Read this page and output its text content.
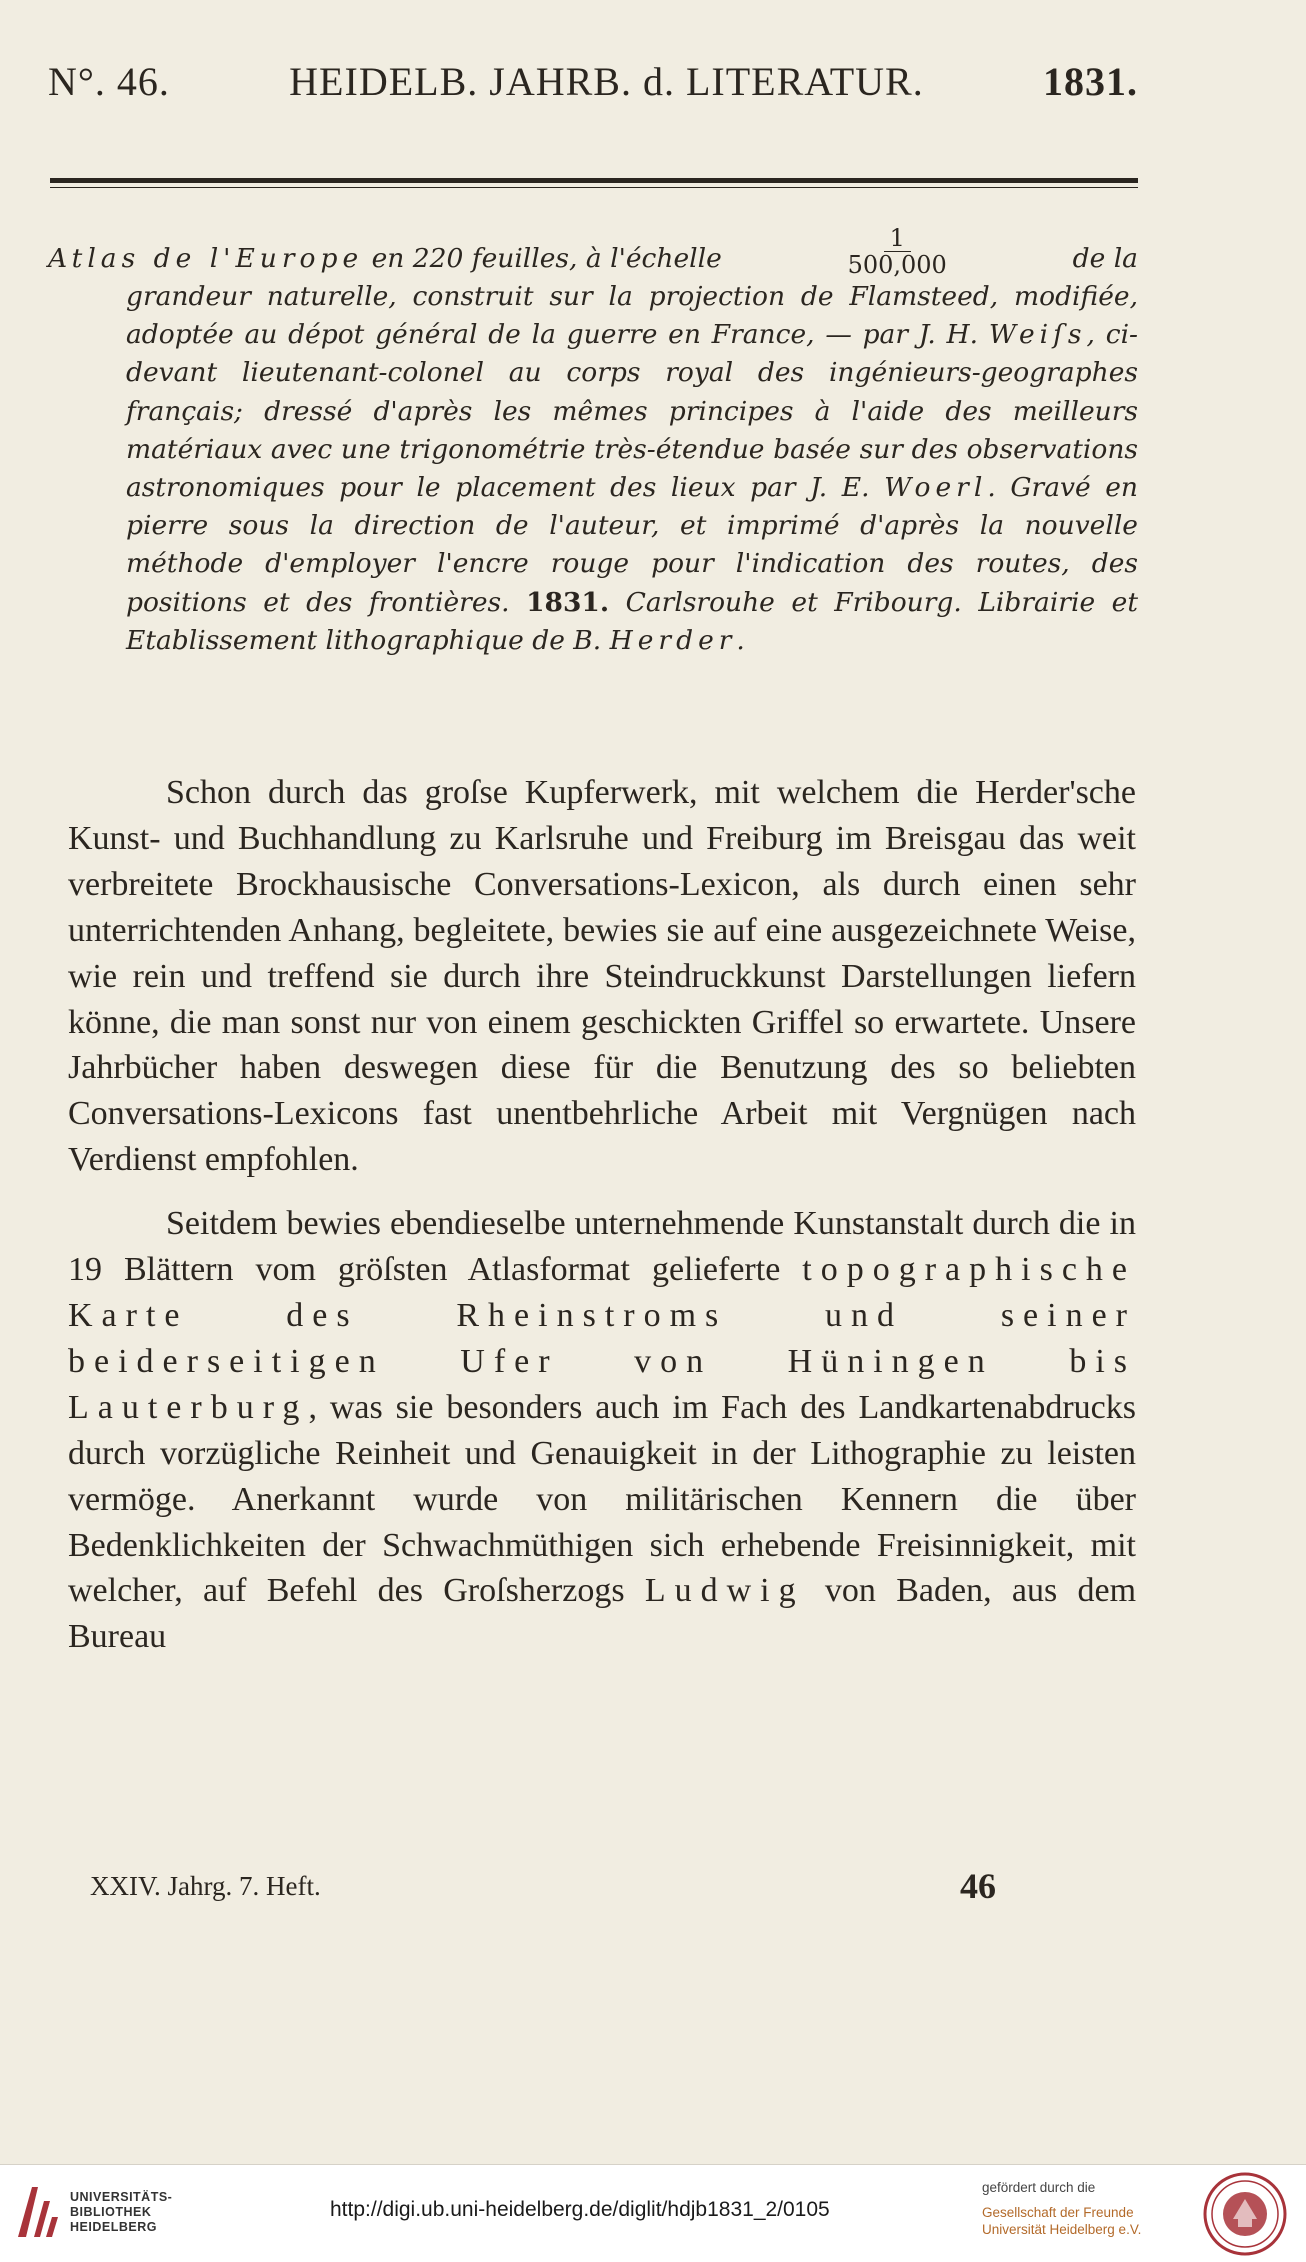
N°. 46.	HEIDELB. JAHRB. d. LITERATUR.	1831.
Atlas de l'Europe en 220 feuilles, à l'échelle	$\frac{1}{500,000}$	de la
grandeur naturelle, construit sur la projection de Flamsteed, modifiée, adoptée au dépot général de la guerre en France, — par J. H. Weiſs, ci-devant lieutenant-colonel au corps royal des ingénieurs-geographes français; dressé d'après les mêmes principes à l'aide des meilleurs matériaux avec une trigonométrie très-étendue basée sur des observations astronomiques pour le placement des lieux par J. E. Woerl. Gravé en pierre sous la direction de l'auteur, et imprimé d'après la nouvelle méthode d'employer l'encre rouge pour l'indication des routes, des positions et des frontières. 1831. Carlsrouhe et Fribourg. Librairie et Etablissement lithographique de B. Herder.

Schon durch das groſse Kupferwerk, mit welchem die Herder'sche Kunst- und Buchhandlung zu Karlsruhe und Freiburg im Breisgau das weit verbreitete Brockhausische Conversations-Lexicon, als durch einen sehr unterrichtenden Anhang, begleitete, bewies sie auf eine ausgezeichnete Weise, wie rein und treffend sie durch ihre Steindruckkunst Darstellungen liefern könne, die man sonst nur von einem geschickten Griffel so erwartete. Unsere Jahrbücher haben deswegen diese für die Benutzung des so beliebten Conversations-Lexicons fast unentbehrliche Arbeit mit Vergnügen nach Verdienst empfohlen.

Seitdem bewies ebendieselbe unternehmende Kunstanstalt durch die in 19 Blättern vom gröſsten Atlasformat gelieferte topographische Karte des Rheinstroms und seiner beiderseitigen Ufer von Hüningen bis Lauterburg, was sie besonders auch im Fach des Landkartenabdrucks durch vorzügliche Reinheit und Genauigkeit in der Lithographie zu leisten vermöge. Anerkannt wurde von militärischen Kennern die über Bedenklichkeiten der Schwachmüthigen sich erhebende Freisinnigkeit, mit welcher, auf Befehl des Groſsherzogs Ludwig von Baden, aus dem Bureau

XXIV. Jahrg. 7. Heft.	46
UNIVERSITÄTS-
BIBLIOTHEK
HEIDELBERG
http://digi.ub.uni-heidelberg.de/diglit/hdjb1831_2/0105
gefördert durch die
Gesellschaft der Freunde
Universität Heidelberg e.V.
